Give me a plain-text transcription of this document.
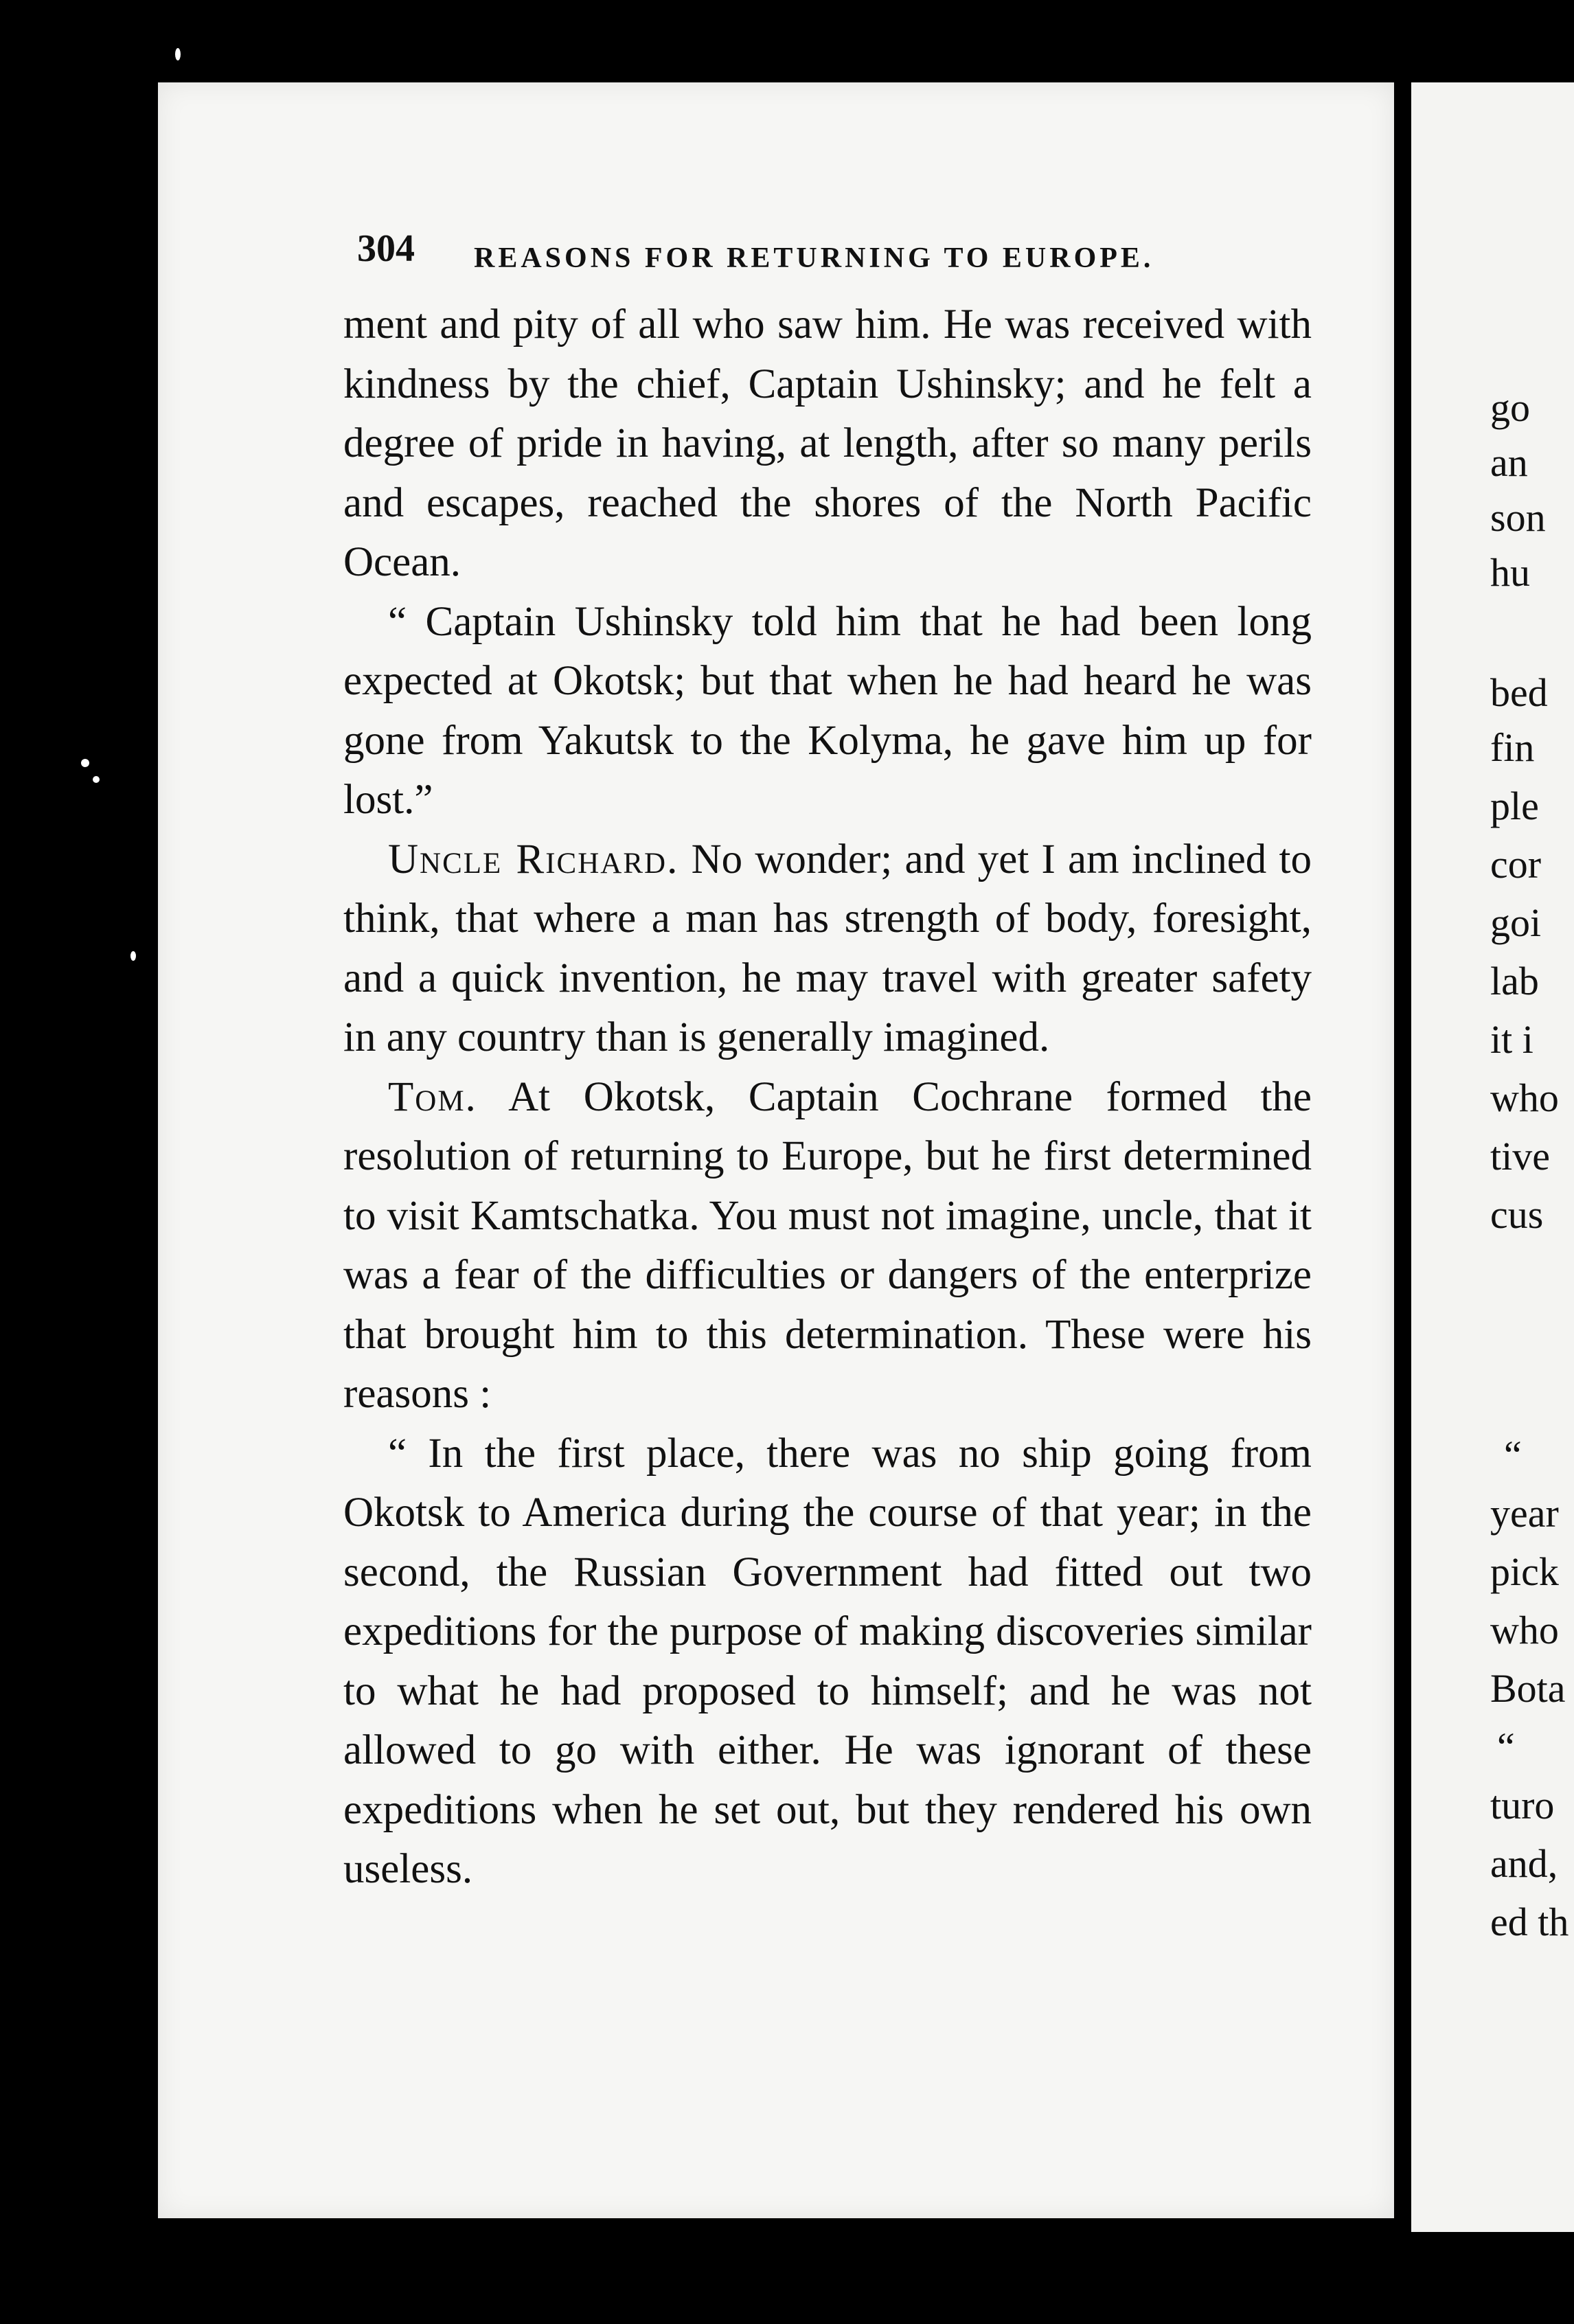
304 REASONS FOR RETURNING TO EUROPE.

ment and pity of all who saw him. He was received with kindness by the chief, Captain Ushinsky; and he felt a degree of pride in having, at length, after so many perils and escapes, reached the shores of the North Pacific Ocean.

“ Captain Ushinsky told him that he had been long expected at Okotsk; but that when he had heard he was gone from Yakutsk to the Kolyma, he gave him up for lost.”

Uncle Richard. No wonder; and yet I am inclined to think, that where a man has strength of body, foresight, and a quick invention, he may travel with greater safety in any country than is generally imagined.

Tom. At Okotsk, Captain Cochrane formed the resolution of returning to Europe, but he first determined to visit Kamtschatka. You must not imagine, uncle, that it was a fear of the difficulties or dangers of the enterprize that brought him to this determination. These were his reasons :

“ In the first place, there was no ship going from Okotsk to America during the course of that year; in the second, the Russian Government had fitted out two expeditions for the purpose of making discoveries similar to what he had proposed to himself; and he was not allowed to go with either. He was ignorant of these expeditions when he set out, but they rendered his own useless.

go
an
son
hu
bed
fin
ple
cor
goi
lab
it i
who
tive
cus
“
year
pick
who
Bota
“
turo
and,
ed th
